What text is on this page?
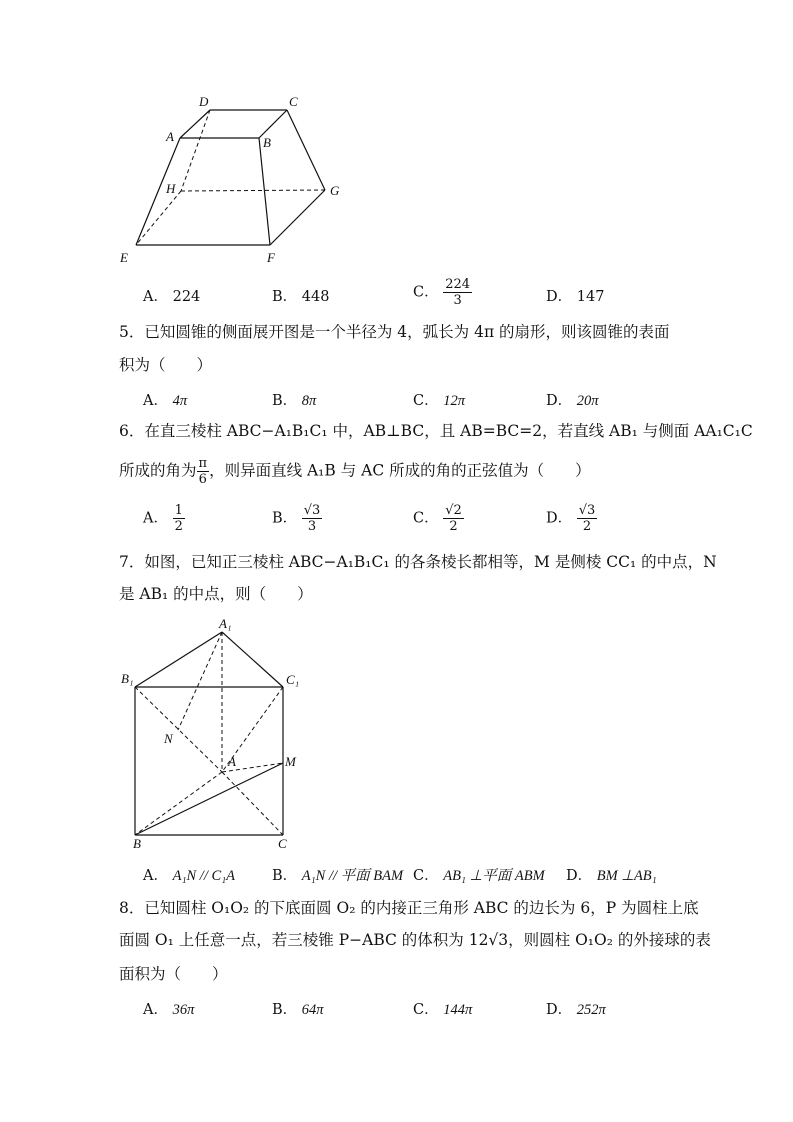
D	C
A	B
H	G
E	F
A． 224	B． 448	C． $\frac{224}{3}$	D． 147
5．已知圆锥的侧面展开图是一个半径为 4，弧长为 4π 的扇形，则该圆锥的表面
积为（　　）
A． 4π	B． 8π	C． 12π	D． 20π
6．在直三棱柱 ABC−A₁B₁C₁ 中，AB⊥BC，且 AB=BC=2，若直线 AB₁ 与侧面 AA₁C₁C
所成的角为 $\frac{\pi}{6}$ ，则异面直线 A₁B 与 AC 所成的角的正弦值为（　　）
A． $\frac{1}{2}$	B． $\frac{√3}{3}$	C． $\frac{√2}{2}$	D． $\frac{√3}{2}$
7．如图，已知正三棱柱 ABC−A₁B₁C₁ 的各条棱长都相等，M 是侧棱 CC₁ 的中点，N
是 AB₁ 的中点，则（　　）
A₁
B₁	C₁
N
A	M
B	C
A． A₁N // C₁A	B． A₁N // 平面 BAM C． AB₁ ⊥平面 ABM D． BM ⊥AB₁
8．已知圆柱 O₁O₂ 的下底面圆 O₂ 的内接正三角形 ABC 的边长为 6，P 为圆柱上底
面圆 O₁ 上任意一点，若三棱锥 P−ABC 的体积为 12√3，则圆柱 O₁O₂ 的外接球的表
面积为（　　）
A． 36π	B． 64π	C． 144π	D． 252π
